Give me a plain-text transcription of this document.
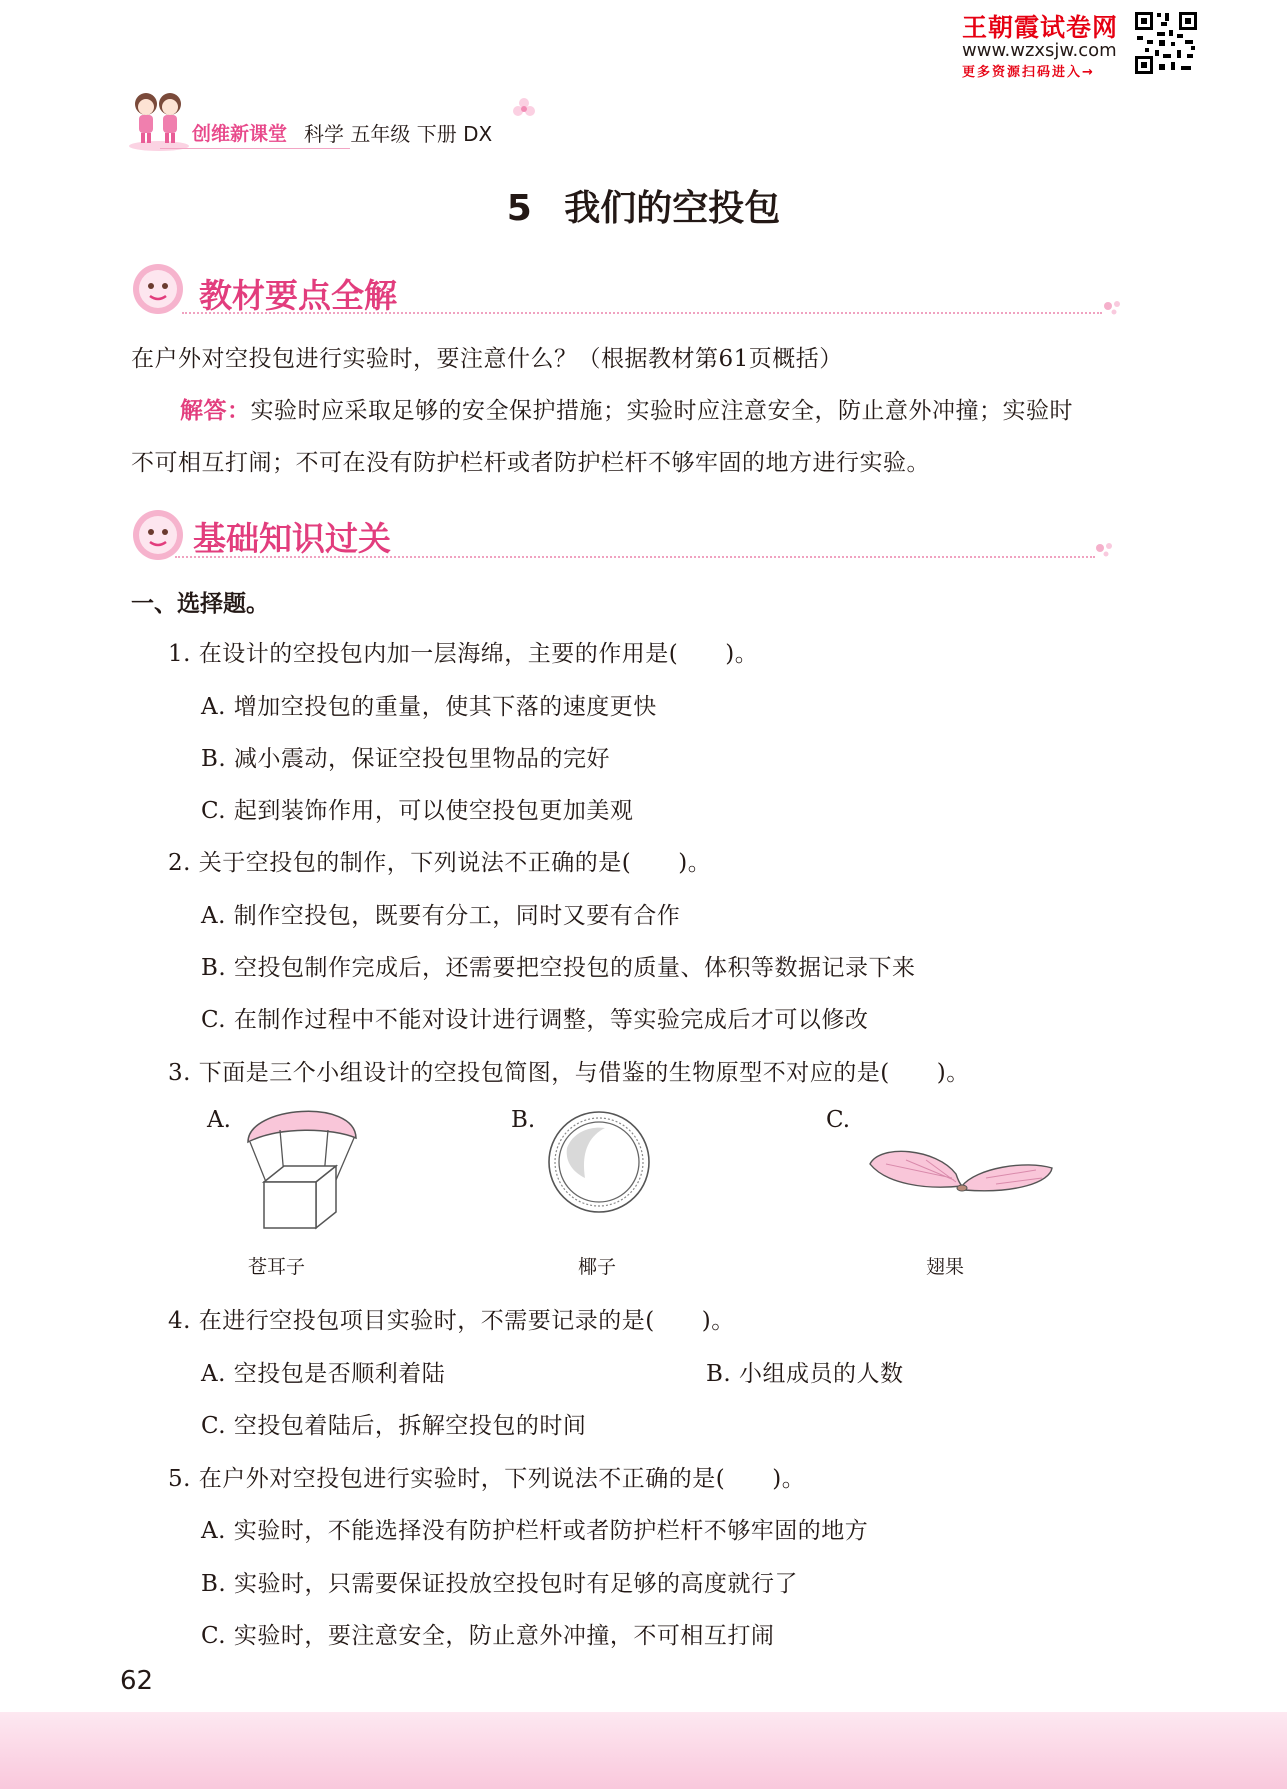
王朝霞试卷网
www.wzxsjw.com
更多资源扫码进入→
创维新课堂 科学 五年级 下册 DX
5 我们的空投包
教材要点全解
在户外对空投包进行实验时，要注意什么？（根据教材第61页概括）
解答：实验时应采取足够的安全保护措施；实验时应注意安全，防止意外冲撞；实验时
不可相互打闹；不可在没有防护栏杆或者防护栏杆不够牢固的地方进行实验。
基础知识过关
一、选择题。
1. 在设计的空投包内加一层海绵，主要的作用是(　　)。
A. 增加空投包的重量，使其下落的速度更快
B. 减小震动，保证空投包里物品的完好
C. 起到装饰作用，可以使空投包更加美观
2. 关于空投包的制作，下列说法不正确的是(　　)。
A. 制作空投包，既要有分工，同时又要有合作
B. 空投包制作完成后，还需要把空投包的质量、体积等数据记录下来
C. 在制作过程中不能对设计进行调整，等实验完成后才可以修改
3. 下面是三个小组设计的空投包简图，与借鉴的生物原型不对应的是(　　)。
A.
苍耳子
B.
椰子
C.
翅果
4. 在进行空投包项目实验时，不需要记录的是(　　)。
A. 空投包是否顺利着陆	B. 小组成员的人数
C. 空投包着陆后，拆解空投包的时间
5. 在户外对空投包进行实验时，下列说法不正确的是(　　)。
A. 实验时，不能选择没有防护栏杆或者防护栏杆不够牢固的地方
B. 实验时，只需要保证投放空投包时有足够的高度就行了
C. 实验时，要注意安全，防止意外冲撞，不可相互打闹
62
